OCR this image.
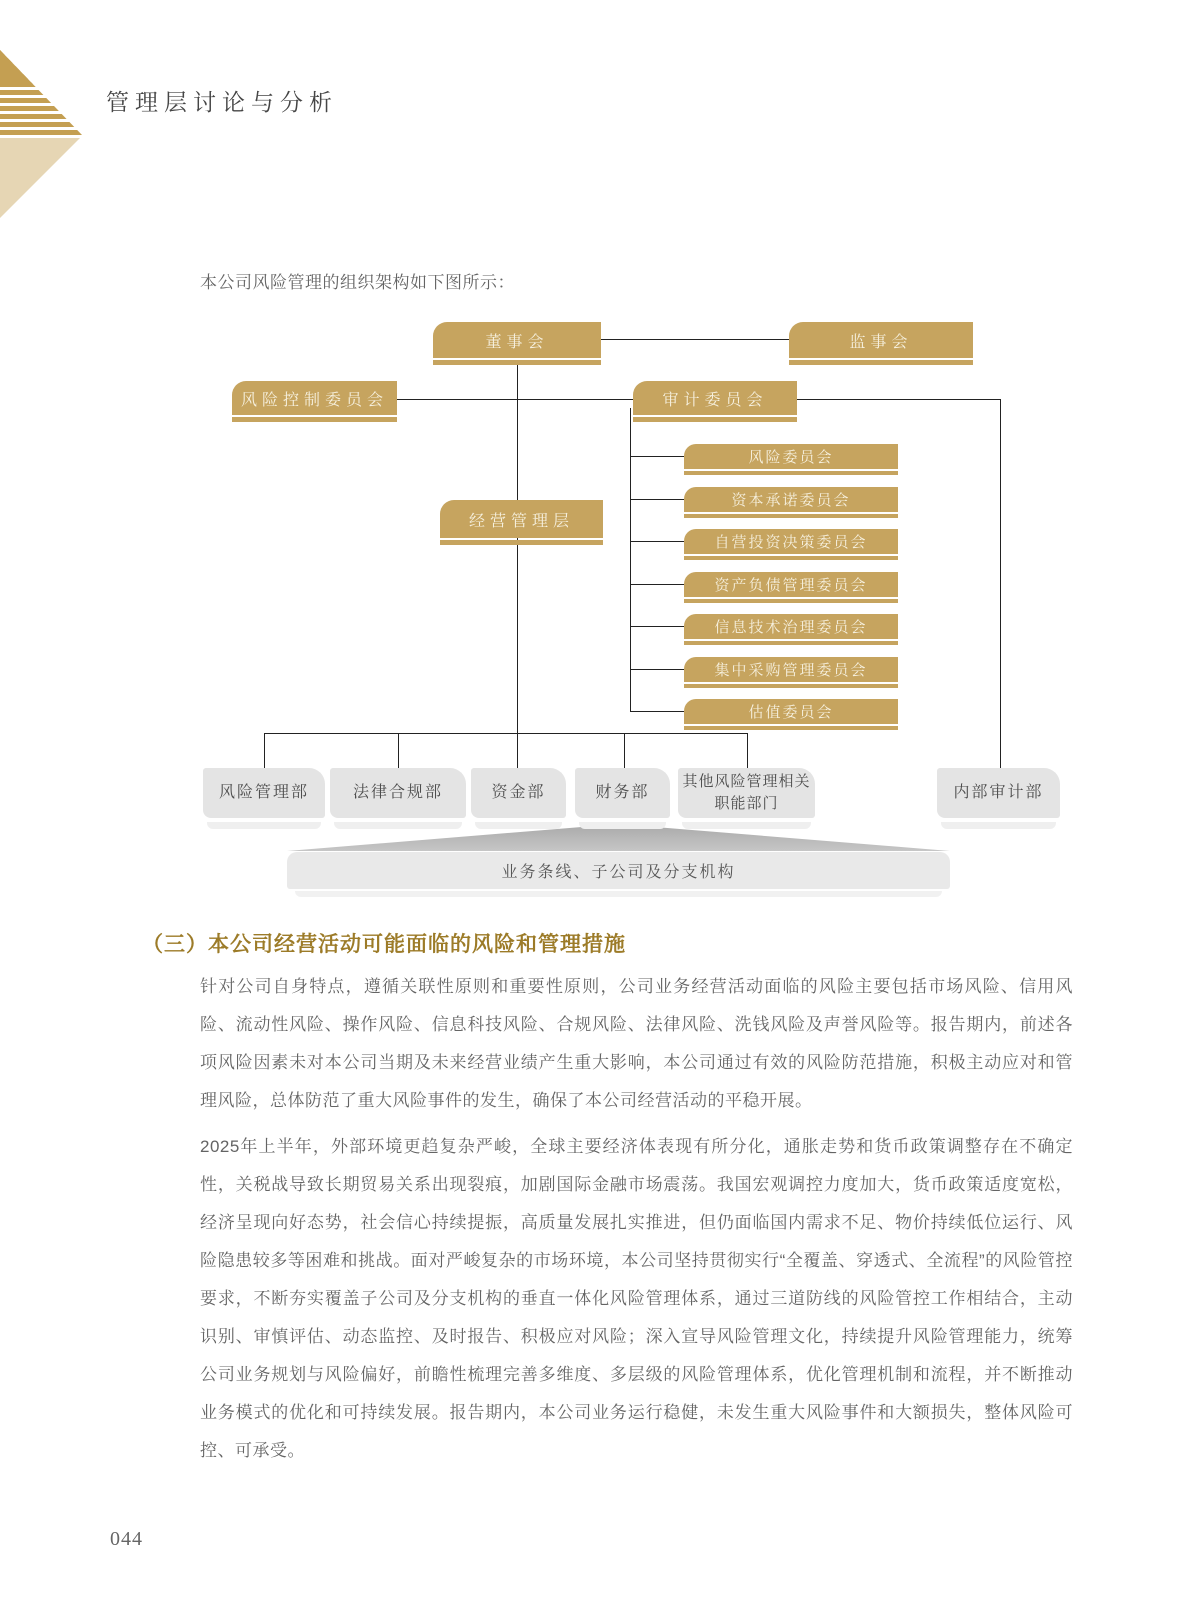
管理层讨论与分析
本公司风险管理的组织架构如下图所示：
董事会	监事会
风险控制委员会	审计委员会
经营管理层
风险委员会
资本承诺委员会
自营投资决策委员会
资产负债管理委员会
信息技术治理委员会
集中采购管理委员会
估值委员会
风险管理部	法律合规部	资金部	财务部
其他风险管理相关职能部门
内部审计部
业务条线、子公司及分支机构
（三）本公司经营活动可能面临的风险和管理措施
针对公司自身特点，遵循关联性原则和重要性原则，公司业务经营活动面临的风险主要包括市场风险、信用风险、流动性风险、操作风险、信息科技风险、合规风险、法律风险、洗钱风险及声誉风险等。报告期内，前述各项风险因素未对本公司当期及未来经营业绩产生重大影响，本公司通过有效的风险防范措施，积极主动应对和管理风险，总体防范了重大风险事件的发生，确保了本公司经营活动的平稳开展。
2025年上半年，外部环境更趋复杂严峻，全球主要经济体表现有所分化，通胀走势和货币政策调整存在不确定性，关税战导致长期贸易关系出现裂痕，加剧国际金融市场震荡。我国宏观调控力度加大，货币政策适度宽松，经济呈现向好态势，社会信心持续提振，高质量发展扎实推进，但仍面临国内需求不足、物价持续低位运行、风险隐患较多等困难和挑战。面对严峻复杂的市场环境，本公司坚持贯彻实行“全覆盖、穿透式、全流程”的风险管控要求，不断夯实覆盖子公司及分支机构的垂直一体化风险管理体系，通过三道防线的风险管控工作相结合，主动识别、审慎评估、动态监控、及时报告、积极应对风险；深入宣导风险管理文化，持续提升风险管理能力，统筹公司业务规划与风险偏好，前瞻性梳理完善多维度、多层级的风险管理体系，优化管理机制和流程，并不断推动业务模式的优化和可持续发展。报告期内，本公司业务运行稳健，未发生重大风险事件和大额损失，整体风险可控、可承受。
044
